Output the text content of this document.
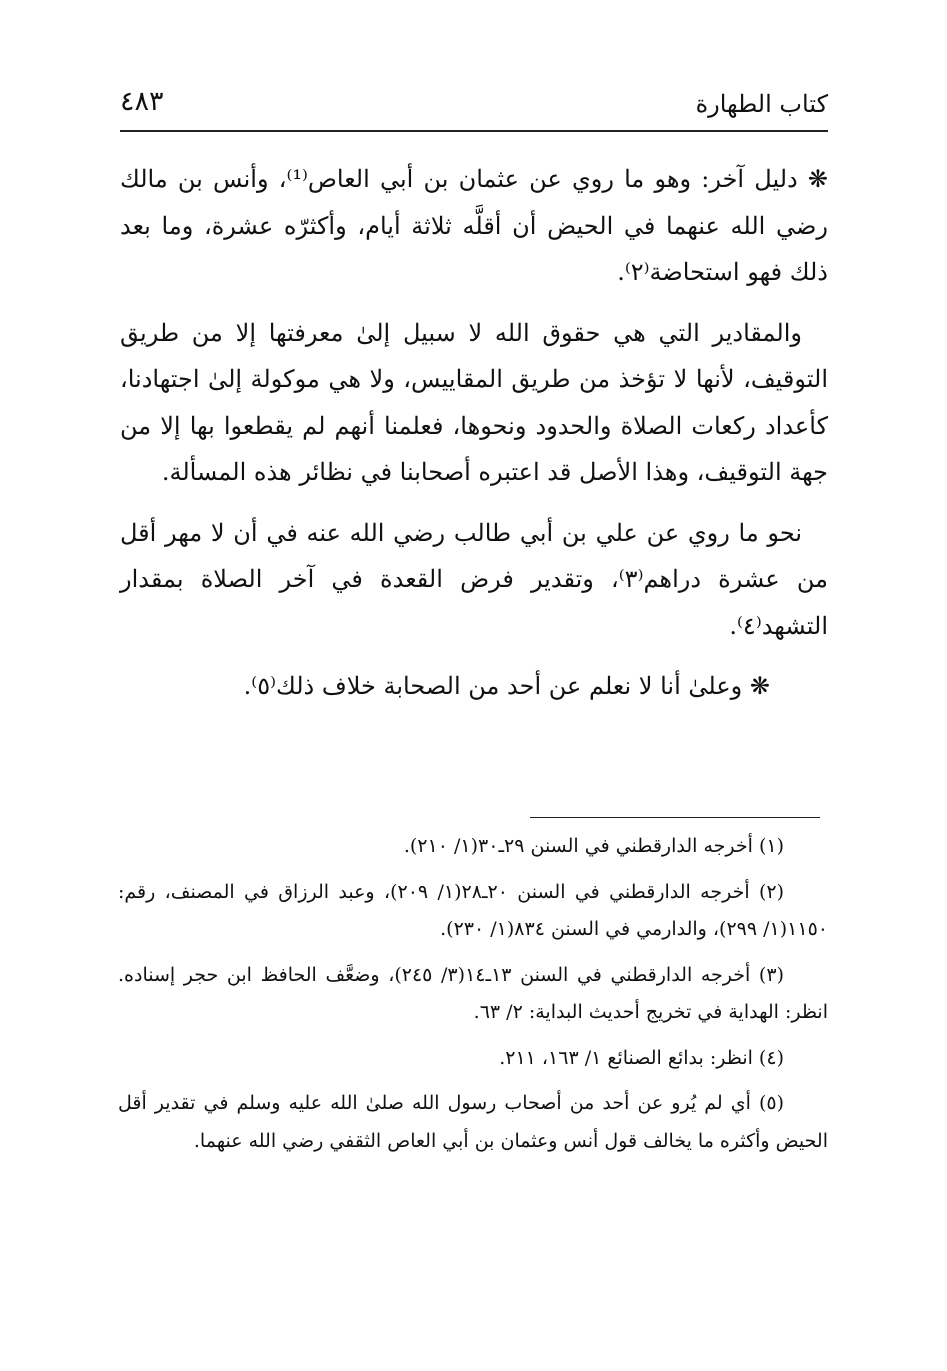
كتاب الطهارة
٤٨٣

❋ دليل آخر: وهو ما روي عن عثمان بن أبي العاص⁽¹⁾، وأنس بن مالك رضي الله عنهما في الحيض أن أقلَّه ثلاثة أيام، وأكثرّه عشرة، وما بعد ذلك فهو استحاضة⁽٢⁾.

والمقادير التي هي حقوق الله لا سبيل إلىٰ معرفتها إلا من طريق التوقيف، لأنها لا تؤخذ من طريق المقاييس، ولا هي موكولة إلىٰ اجتهادنا، كأعداد ركعات الصلاة والحدود ونحوها، فعلمنا أنهم لم يقطعوا بها إلا من جهة التوقيف، وهذا الأصل قد اعتبره أصحابنا في نظائر هذه المسألة.

نحو ما روي عن علي بن أبي طالب رضي الله عنه في أن لا مهر أقل من عشرة دراهم⁽٣⁾، وتقدير فرض القعدة في آخر الصلاة بمقدار التشهد⁽٤⁾.

❋ وعلىٰ أنا لا نعلم عن أحد من الصحابة خلاف ذلك⁽٥⁾.

(١) أخرجه الدارقطني في السنن ٢٩ـ٣٠(١/ ٢١٠).

(٢) أخرجه الدارقطني في السنن ٢٠ـ٢٨(١/ ٢٠٩)، وعبد الرزاق في المصنف، رقم: ١١٥٠(١/ ٢٩٩)، والدارمي في السنن ٨٣٤(١/ ٢٣٠).

(٣) أخرجه الدارقطني في السنن ١٣ـ١٤(٣/ ٢٤٥)، وضعَّف الحافظ ابن حجر إسناده. انظر: الهداية في تخريج أحديث البداية: ٢/ ٦٣.

(٤) انظر: بدائع الصنائع ١/ ١٦٣، ٢١١.

(٥) أي لم يُرو عن أحد من أصحاب رسول الله صلىٰ الله عليه وسلم في تقدير أقل الحيض وأكثره ما يخالف قول أنس وعثمان بن أبي العاص الثقفي رضي الله عنهما.
